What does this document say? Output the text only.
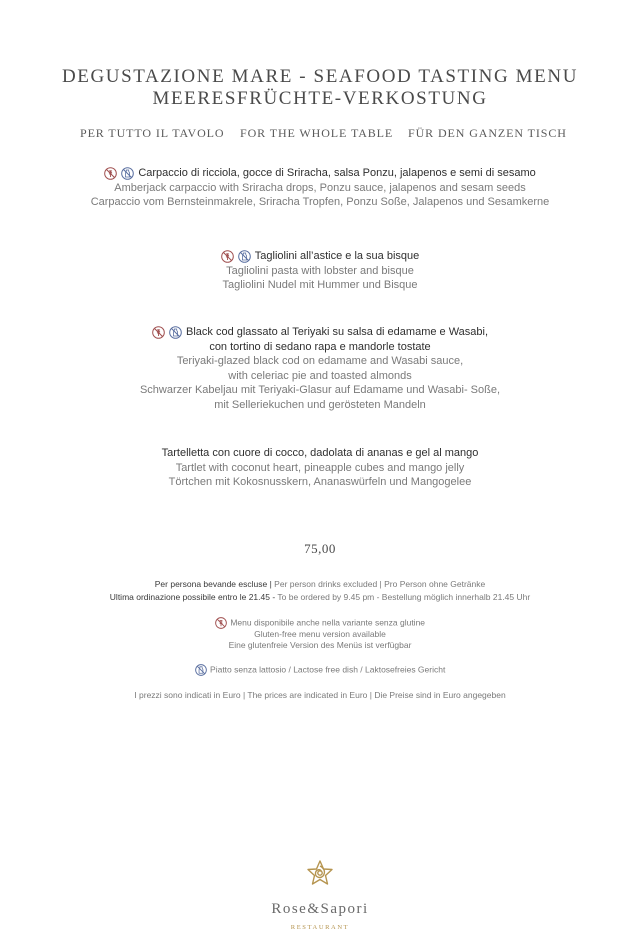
DEGUSTAZIONE MARE - SEAFOOD TASTING MENU
MEERESFRÜCHTE-VERKOSTUNG
PER TUTTO IL TAVOLO FOR THE WHOLE TABLE FÜR DEN GANZEN TISCH

Carpaccio di ricciola, gocce di Sriracha, salsa Ponzu, jalapenos e semi di sesamo
Amberjack carpaccio with Sriracha drops, Ponzu sauce, jalapenos and sesam seeds
Carpaccio vom Bernsteinmakrele, Sriracha Tropfen, Ponzu Soße, Jalapenos und Sesamkerne

Tagliolini all’astice e la sua bisque
Tagliolini pasta with lobster and bisque
Tagliolini Nudel mit Hummer und Bisque

Black cod glassato al Teriyaki su salsa di edamame e Wasabi,
con tortino di sedano rapa e mandorle tostate
Teriyaki-glazed black cod on edamame and Wasabi sauce,
with celeriac pie and toasted almonds
Schwarzer Kabeljau mit Teriyaki-Glasur auf Edamame und Wasabi- Soße,
mit Selleriekuchen und gerösteten Mandeln
Tartelletta con cuore di cocco, dadolata di ananas e gel al mango
Tartlet with coconut heart, pineapple cubes and mango jelly
Törtchen mit Kokosnusskern, Ananaswürfeln und Mangogelee
75,00
Per persona bevande escluse | Per person drinks excluded | Pro Person ohne Getränke
Ultima ordinazione possibile entro le 21.45 - To be ordered by 9.45 pm - Bestellung möglich innerhalb 21.45 Uhr
Menu disponibile anche nella variante senza glutine
Gluten-free menu version available
Eine glutenfreie Version des Menüs ist verfügbar
Piatto senza lattosio / Lactose free dish / Laktosefreies Gericht
I prezzi sono indicati in Euro | The prices are indicated in Euro | Die Preise sind in Euro angegeben
Rose&Sapori
RESTAURANT
